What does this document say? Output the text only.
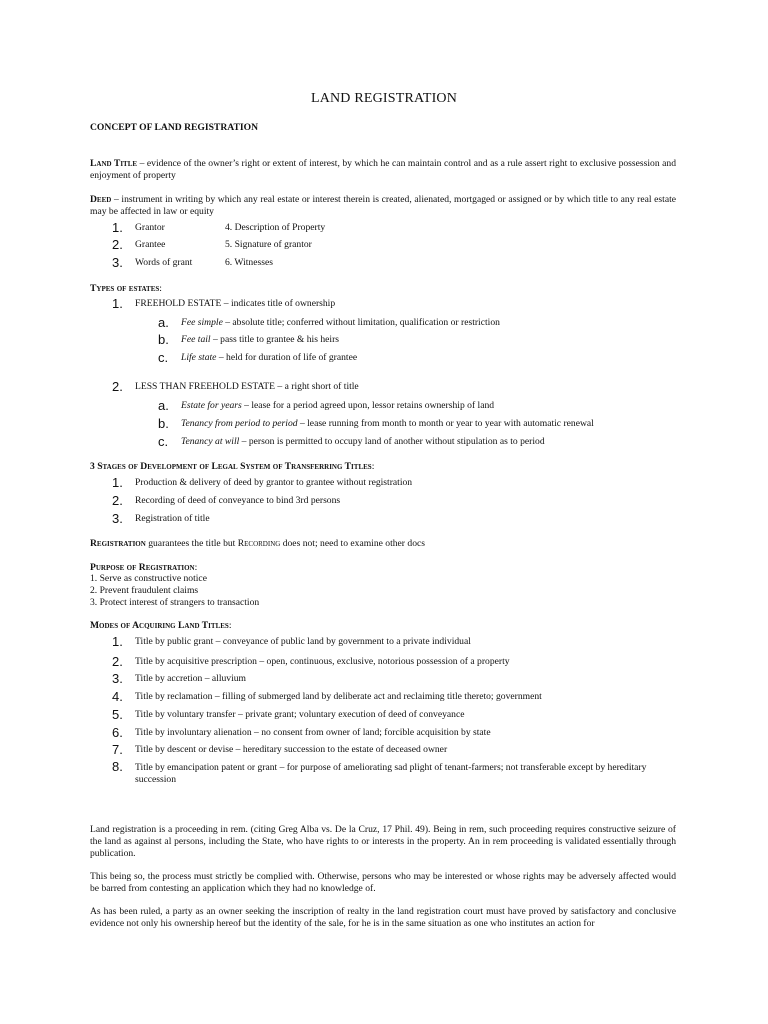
LAND REGISTRATION
CONCEPT OF LAND REGISTRATION
Land Title – evidence of the owner’s right or extent of interest, by which he can maintain control and as a rule assert right to exclusive possession and enjoyment of property
Deed – instrument in writing by which any real estate or interest therein is created, alienated, mortgaged or assigned or by which title to any real estate may be affected in law or equity
1. Grantor	4. Description of Property
2. Grantee	5. Signature of grantor
3. Words of grant	6. Witnesses
Types of estates:
1. FREEHOLD ESTATE – indicates title of ownership
a. Fee simple – absolute title; conferred without limitation, qualification or restriction
b. Fee tail – pass title to grantee & his heirs
c. Life state – held for duration of life of grantee
2. LESS THAN FREEHOLD ESTATE – a right short of title
a. Estate for years – lease for a period agreed upon, lessor retains ownership of land
b. Tenancy from period to period – lease running from month to month or year to year with automatic renewal
c. Tenancy at will – person is permitted to occupy land of another without stipulation as to period
3 Stages of Development of Legal System of Transferring Titles:
1. Production & delivery of deed by grantor to grantee without registration
2. Recording of deed of conveyance to bind 3rd persons
3. Registration of title
Registration guarantees the title but Recording does not; need to examine other docs
Purpose of Registration:
1. Serve as constructive notice
2. Prevent fraudulent claims
3. Protect interest of strangers to transaction
Modes of Acquiring Land Titles:
1. Title by public grant – conveyance of public land by government to a private individual
2. Title by acquisitive prescription – open, continuous, exclusive, notorious possession of a property
3. Title by accretion – alluvium
4. Title by reclamation – filling of submerged land by deliberate act and reclaiming title thereto; government
5. Title by voluntary transfer – private grant; voluntary execution of deed of conveyance
6. Title by involuntary alienation – no consent from owner of land; forcible acquisition by state
7. Title by descent or devise – hereditary succession to the estate of deceased owner
8. Title by emancipation patent or grant – for purpose of ameliorating sad plight of tenant-farmers; not transferable except by hereditary succession
Land registration is a proceeding in rem. (citing Greg Alba vs. De la Cruz, 17 Phil. 49). Being in rem, such proceeding requires constructive seizure of the land as against al persons, including the State, who have rights to or interests in the property. An in rem proceeding is validated essentially through publication.
This being so, the process must strictly be complied with. Otherwise, persons who may be interested or whose rights may be adversely affected would be barred from contesting an application which they had no knowledge of.
As has been ruled, a party as an owner seeking the inscription of realty in the land registration court must have proved by satisfactory and conclusive evidence not only his ownership hereof but the identity of the sale, for he is in the same situation as one who institutes an action for
